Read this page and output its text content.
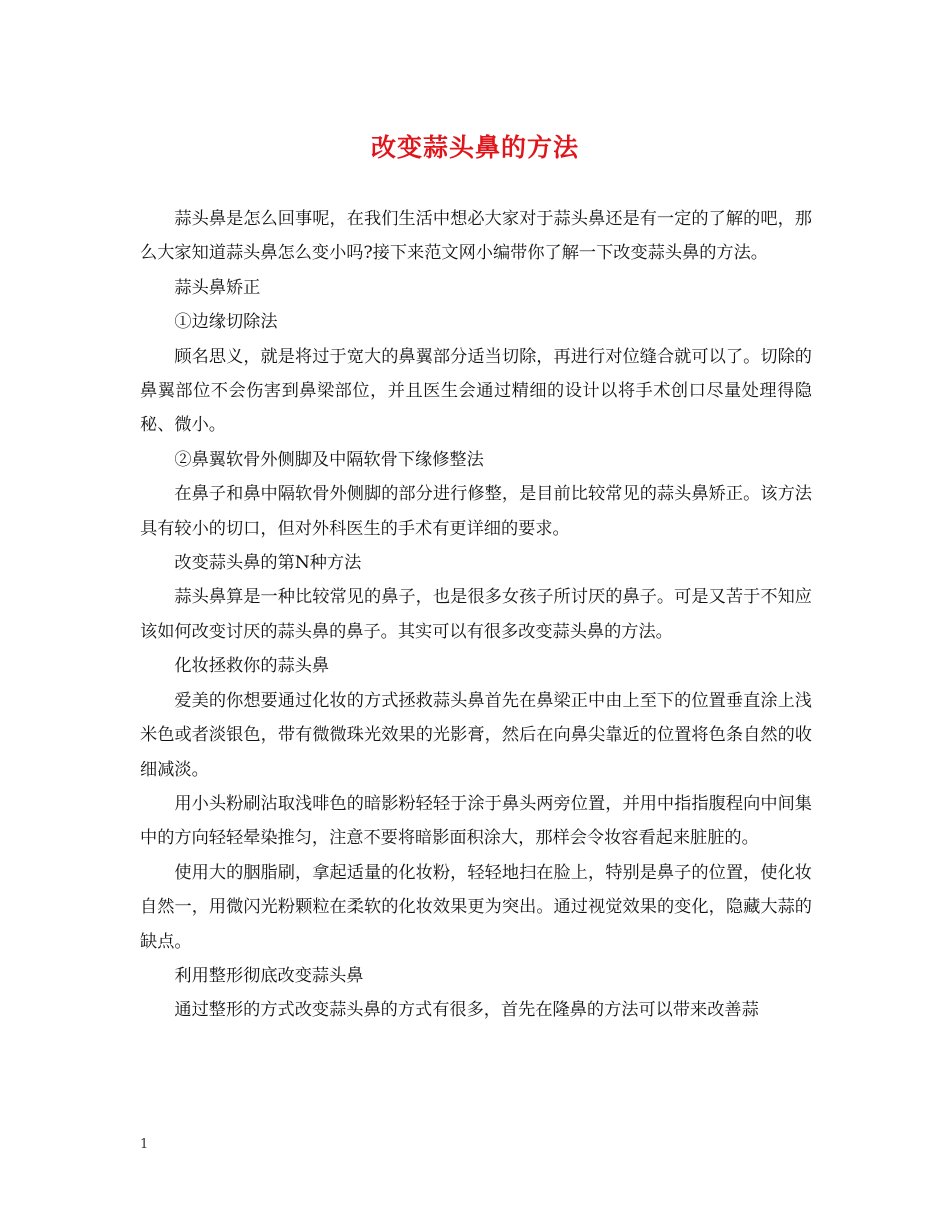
改变蒜头鼻的方法

蒜头鼻是怎么回事呢，在我们生活中想必大家对于蒜头鼻还是有一定的了解的吧，那么大家知道蒜头鼻怎么变小吗?接下来范文网小编带你了解一下改变蒜头鼻的方法。

蒜头鼻矫正

①边缘切除法

顾名思义，就是将过于宽大的鼻翼部分适当切除，再进行对位缝合就可以了。切除的鼻翼部位不会伤害到鼻梁部位，并且医生会通过精细的设计以将手术创口尽量处理得隐秘、微小。

②鼻翼软骨外侧脚及中隔软骨下缘修整法

在鼻子和鼻中隔软骨外侧脚的部分进行修整，是目前比较常见的蒜头鼻矫正。该方法具有较小的切口，但对外科医生的手术有更详细的要求。

改变蒜头鼻的第N种方法

蒜头鼻算是一种比较常见的鼻子，也是很多女孩子所讨厌的鼻子。可是又苦于不知应该如何改变讨厌的蒜头鼻的鼻子。其实可以有很多改变蒜头鼻的方法。

化妆拯救你的蒜头鼻

爱美的你想要通过化妆的方式拯救蒜头鼻首先在鼻梁正中由上至下的位置垂直涂上浅米色或者淡银色，带有微微珠光效果的光影膏，然后在向鼻尖靠近的位置将色条自然的收细减淡。

用小头粉刷沾取浅啡色的暗影粉轻轻于涂于鼻头两旁位置，并用中指指腹程向中间集中的方向轻轻晕染推匀，注意不要将暗影面积涂大，那样会令妆容看起来脏脏的。

使用大的胭脂刷，拿起适量的化妆粉，轻轻地扫在脸上，特别是鼻子的位置，使化妆自然一，用微闪光粉颗粒在柔软的化妆效果更为突出。通过视觉效果的变化，隐藏大蒜的缺点。

利用整形彻底改变蒜头鼻

通过整形的方式改变蒜头鼻的方式有很多，首先在隆鼻的方法可以带来改善蒜

1
